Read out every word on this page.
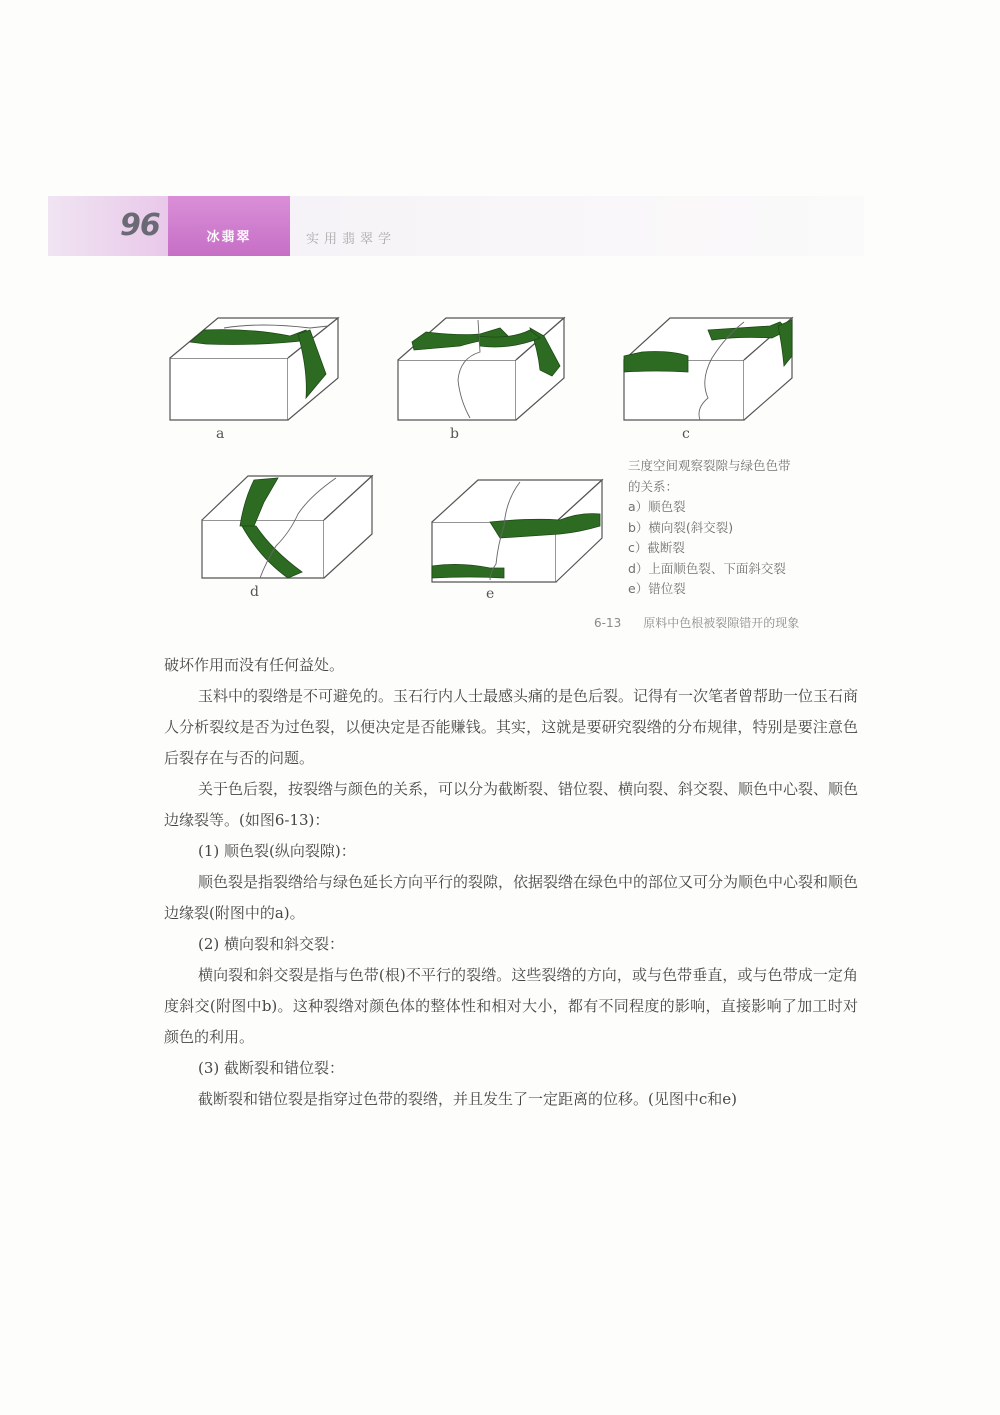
96	冰翡翠	实用翡翠学
a	b	c
d	e
三度空间观察裂隙与绿色色带
的关系：
a）顺色裂
b）横向裂(斜交裂)
c）截断裂
d）上面顺色裂、下面斜交裂
e）错位裂
6-13 原料中色根被裂隙错开的现象

破坏作用而没有任何益处。

玉料中的裂绺是不可避免的。玉石行内人士最感头痛的是色后裂。记得有一次笔者曾帮助一位玉石商人分析裂纹是否为过色裂，以便决定是否能赚钱。其实，这就是要研究裂绺的分布规律，特别是要注意色后裂存在与否的问题。

关于色后裂，按裂绺与颜色的关系，可以分为截断裂、错位裂、横向裂、斜交裂、顺色中心裂、顺色边缘裂等。(如图6-13)：

(1) 顺色裂(纵向裂隙)：

顺色裂是指裂绺给与绿色延长方向平行的裂隙，依据裂绺在绿色中的部位又可分为顺色中心裂和顺色边缘裂(附图中的a)。

(2) 横向裂和斜交裂：

横向裂和斜交裂是指与色带(根)不平行的裂绺。这些裂绺的方向，或与色带垂直，或与色带成一定角度斜交(附图中b)。这种裂绺对颜色体的整体性和相对大小，都有不同程度的影响，直接影响了加工时对颜色的利用。

(3) 截断裂和错位裂：

截断裂和错位裂是指穿过色带的裂绺，并且发生了一定距离的位移。(见图中c和e)
